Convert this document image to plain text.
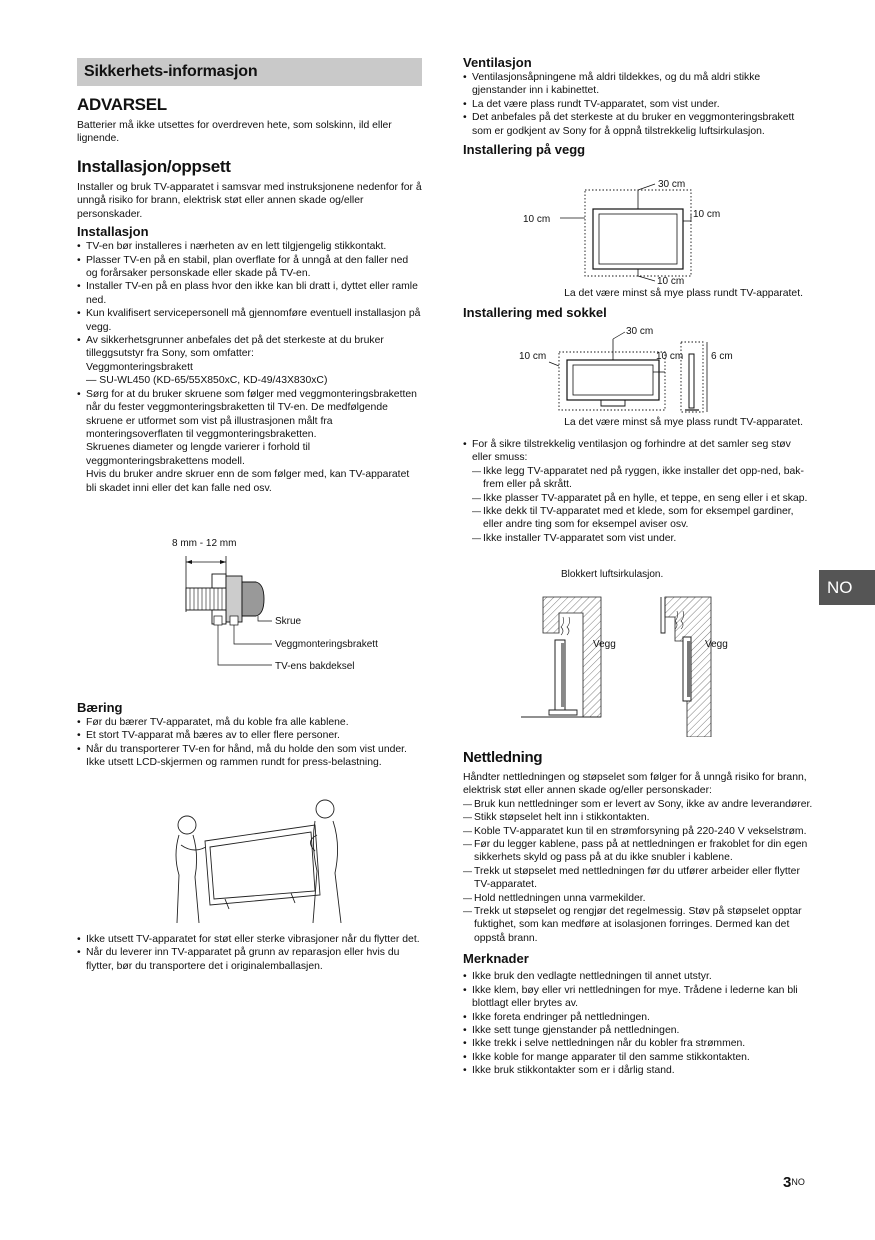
Sikkerhets-informasjon
ADVARSEL

Batterier må ikke utsettes for overdreven hete, som solskinn, ild eller lignende.

Installasjon/oppsett

Installer og bruk TV-apparatet i samsvar med instruksjonene nedenfor for å unngå risiko for brann, elektrisk støt eller annen skade og/eller personskader.

Installasjon
• TV-en bør installeres i nærheten av en lett tilgjengelig stikkontakt.
• Plasser TV-en på en stabil, plan overflate for å unngå at den faller ned og forårsaker personskade eller skade på TV-en.
• Installer TV-en på en plass hvor den ikke kan bli dratt i, dyttet eller ramle ned.
• Kun kvalifisert servicepersonell må gjennomføre eventuell installasjon på vegg.
• Av sikkerhetsgrunner anbefales det på det sterkeste at du bruker tilleggsutstyr fra Sony, som omfatter:
Veggmonteringsbrakett
— SU-WL450 (KD-65/55X850xC, KD-49/43X830xC)
• Sørg for at du bruker skruene som følger med veggmonteringsbraketten når du fester veggmonteringsbraketten til TV-en. De medfølgende skruene er utformet som vist på illustrasjonen målt fra monteringsoverflaten til veggmonteringsbraketten.
Skruenes diameter og lengde varierer i forhold til veggmonteringsbrakettens modell.
Hvis du bruker andre skruer enn de som følger med, kan TV-apparatet bli skadet inni eller det kan falle ned osv.
8 mm - 12 mm
Skrue
Veggmonteringsbrakett
TV-ens bakdeksel
Bæring
• Før du bærer TV-apparatet, må du koble fra alle kablene.
• Et stort TV-apparat må bæres av to eller flere personer.
• Når du transporterer TV-en for hånd, må du holde den som vist under. Ikke utsett LCD-skjermen og rammen rundt for press-belastning.
• Ikke utsett TV-apparatet for støt eller sterke vibrasjoner når du flytter det.
• Når du leverer inn TV-apparatet på grunn av reparasjon eller hvis du flytter, bør du transportere det i originalemballasjen.
Ventilasjon
• Ventilasjonsåpningene må aldri tildekkes, og du må aldri stikke gjenstander inn i kabinettet.
• La det være plass rundt TV-apparatet, som vist under.
• Det anbefales på det sterkeste at du bruker en veggmonteringsbrakett som er godkjent av Sony for å oppnå tilstrekkelig luftsirkulasjon.
Installering på vegg
30 cm
10 cm	10 cm
10 cm

La det være minst så mye plass rundt TV-apparatet.

Installering med sokkel
30 cm
10 cm	10 cm	6 cm

La det være minst så mye plass rundt TV-apparatet.

• For å sikre tilstrekkelig ventilasjon og forhindre at det samler seg støv eller smuss:
— Ikke legg TV-apparatet ned på ryggen, ikke installer det opp-ned, bak-frem eller på skrått.
— Ikke plasser TV-apparatet på en hylle, et teppe, en seng eller i et skap.
— Ikke dekk til TV-apparatet med et klede, som for eksempel gardiner, eller andre ting som for eksempel aviser osv.
— Ikke installer TV-apparatet som vist under.
Blokkert luftsirkulasjon.
Vegg	Vegg
Nettledning

Håndter nettledningen og støpselet som følger for å unngå risiko for brann, elektrisk støt eller annen skade og/eller personskader:

— Bruk kun nettledninger som er levert av Sony, ikke av andre leverandører.
— Stikk støpselet helt inn i stikkontakten.
— Koble TV-apparatet kun til en strømforsyning på 220-240 V vekselstrøm.
— Før du legger kablene, pass på at nettledningen er frakoblet for din egen sikkerhets skyld og pass på at du ikke snubler i kablene.
— Trekk ut støpselet med nettledningen før du utfører arbeider eller flytter TV-apparatet.
— Hold nettledningen unna varmekilder.
— Trekk ut støpselet og rengjør det regelmessig. Støv på støpselet opptar fuktighet, som kan medføre at isolasjonen forringes. Dermed kan det oppstå brann.
Merknader
• Ikke bruk den vedlagte nettledningen til annet utstyr.
• Ikke klem, bøy eller vri nettledningen for mye. Trådene i lederne kan bli blottlagt eller brytes av.
• Ikke foreta endringer på nettledningen.
• Ikke sett tunge gjenstander på nettledningen.
• Ikke trekk i selve nettledningen når du kobler fra strømmen.
• Ikke koble for mange apparater til den samme stikkontakten.
• Ikke bruk stikkontakter som er i dårlig stand.
NO
$3^{NO}$
